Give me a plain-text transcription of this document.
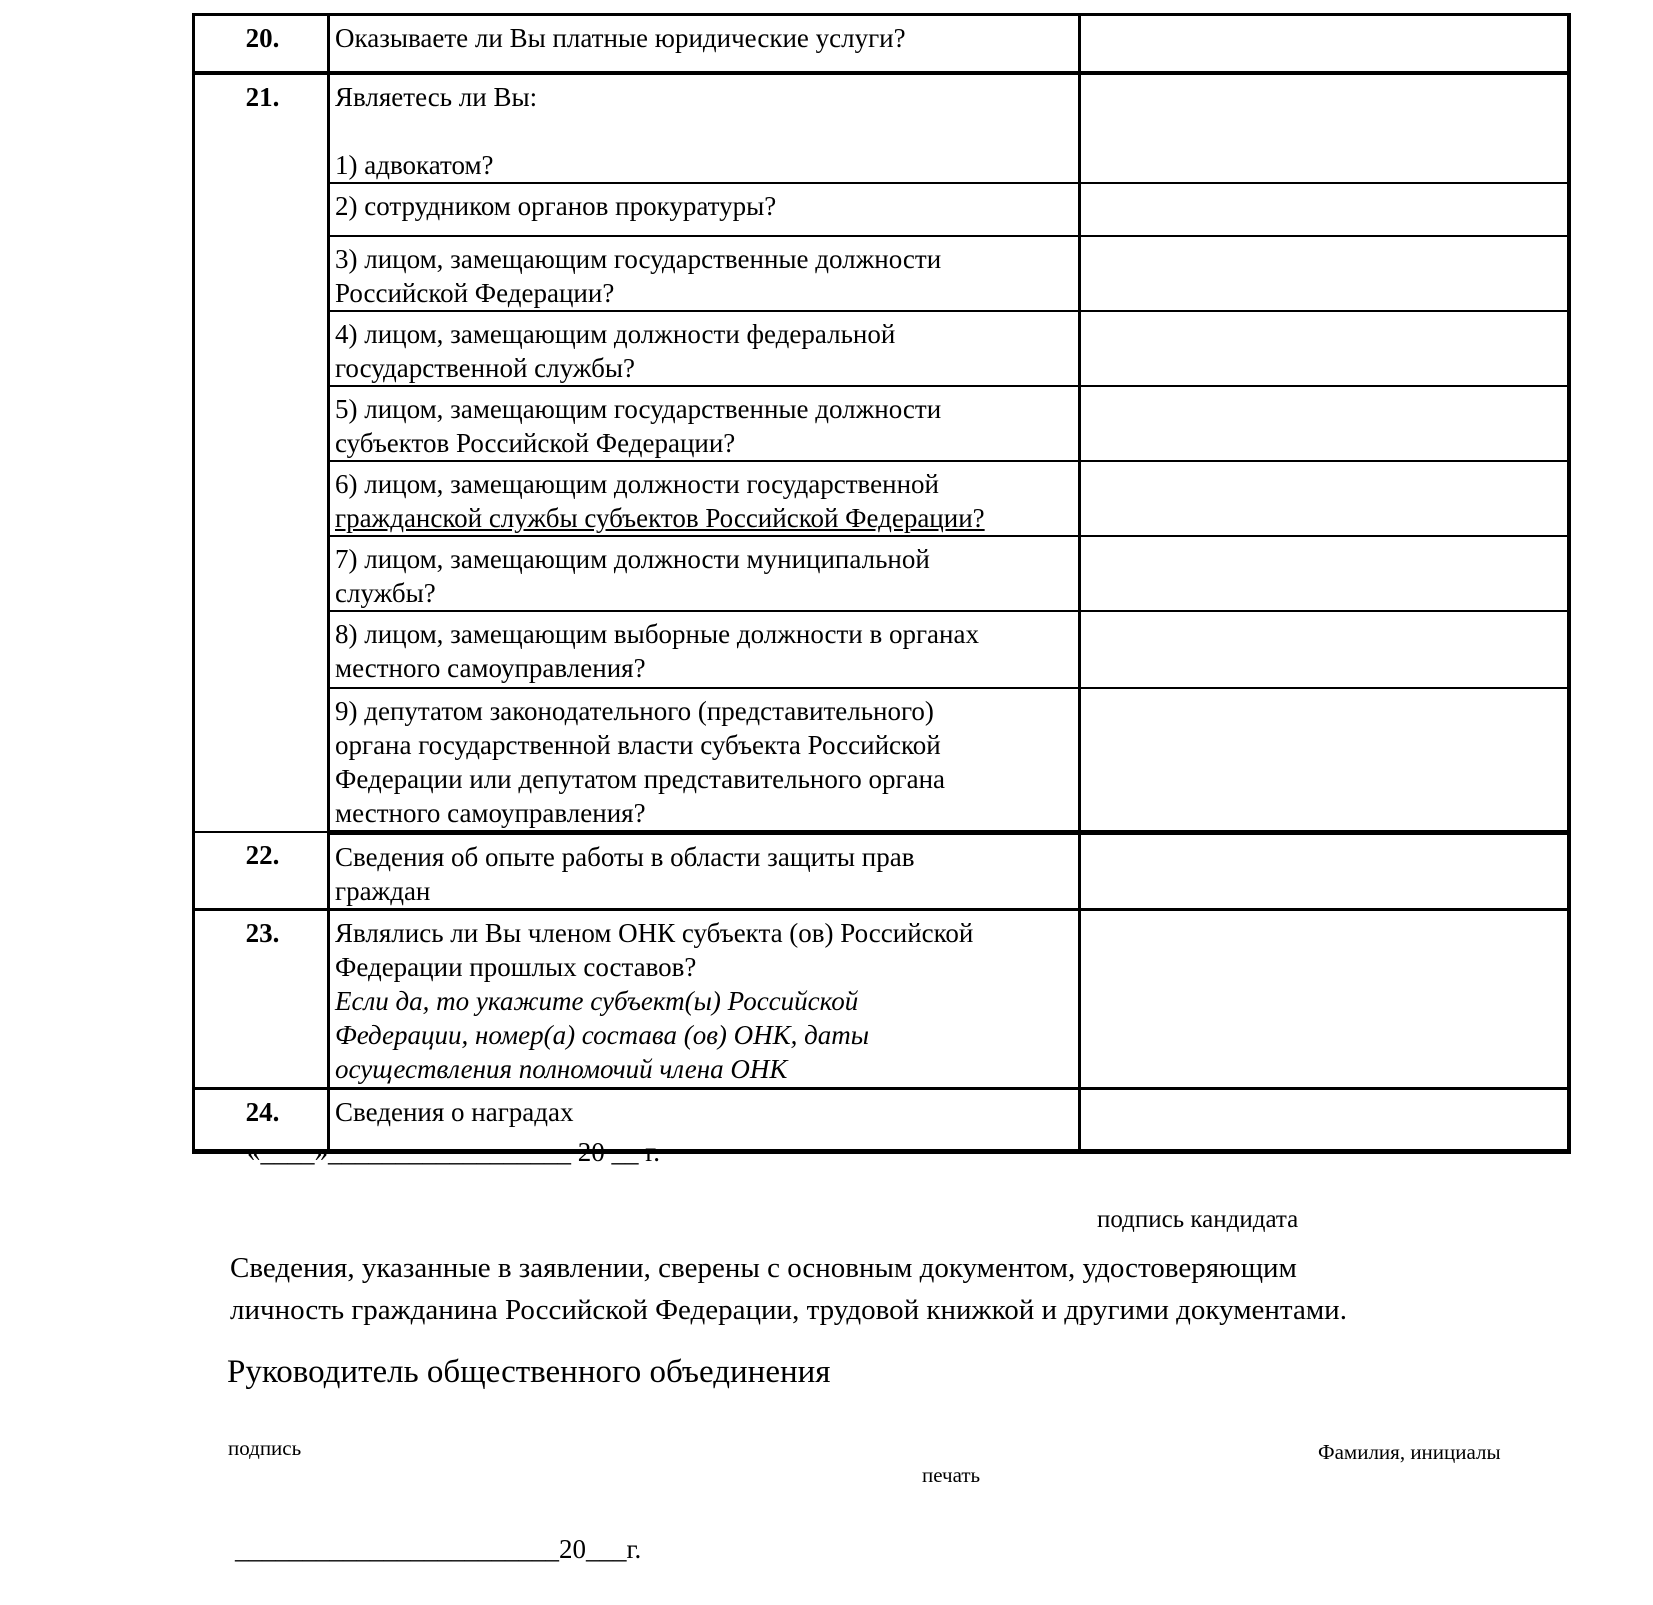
20.	Оказываете ли Вы платные юридические услуги?	

21.	Являетесь ли Вы:
1) адвокатом?	

	2) сотрудником органов прокуратуры?	

	3) лицом, замещающим государственные должности
Российской Федерации?	

	4) лицом, замещающим должности федеральной
государственной службы?	

	5) лицом, замещающим государственные должности
субъектов Российской Федерации?	

	6) лицом, замещающим должности государственной
гражданской службы субъектов Российской Федерации?	

	7) лицом, замещающим должности муниципальной
службы?	

	8) лицом, замещающим выборные должности в органах
местного самоуправления?	

	9) депутатом законодательного (представительного)
органа государственной власти субъекта Российской
Федерации или депутатом представительного органа
местного самоуправления?	

22.	Сведения об опыте работы в области защиты прав
граждан	

23.	Являлись ли Вы членом ОНК субъекта (ов) Российской
Федерации прошлых составов?
Если да, то укажите субъект(ы) Российской
Федерации, номер(а) состава (ов) ОНК, даты
осуществления полномочий члена ОНК	

24.	Сведения о наградах	

«____»__________________ 20 __ г.
подпись кандидата
Сведения, указанные в заявлении, сверены с основным документом, удостоверяющим
личность гражданина Российской Федерации, трудовой книжкой и другими документами.
Руководитель общественного объединения
подпись	Фамилия, инициалы
печать
________________________20___г.
